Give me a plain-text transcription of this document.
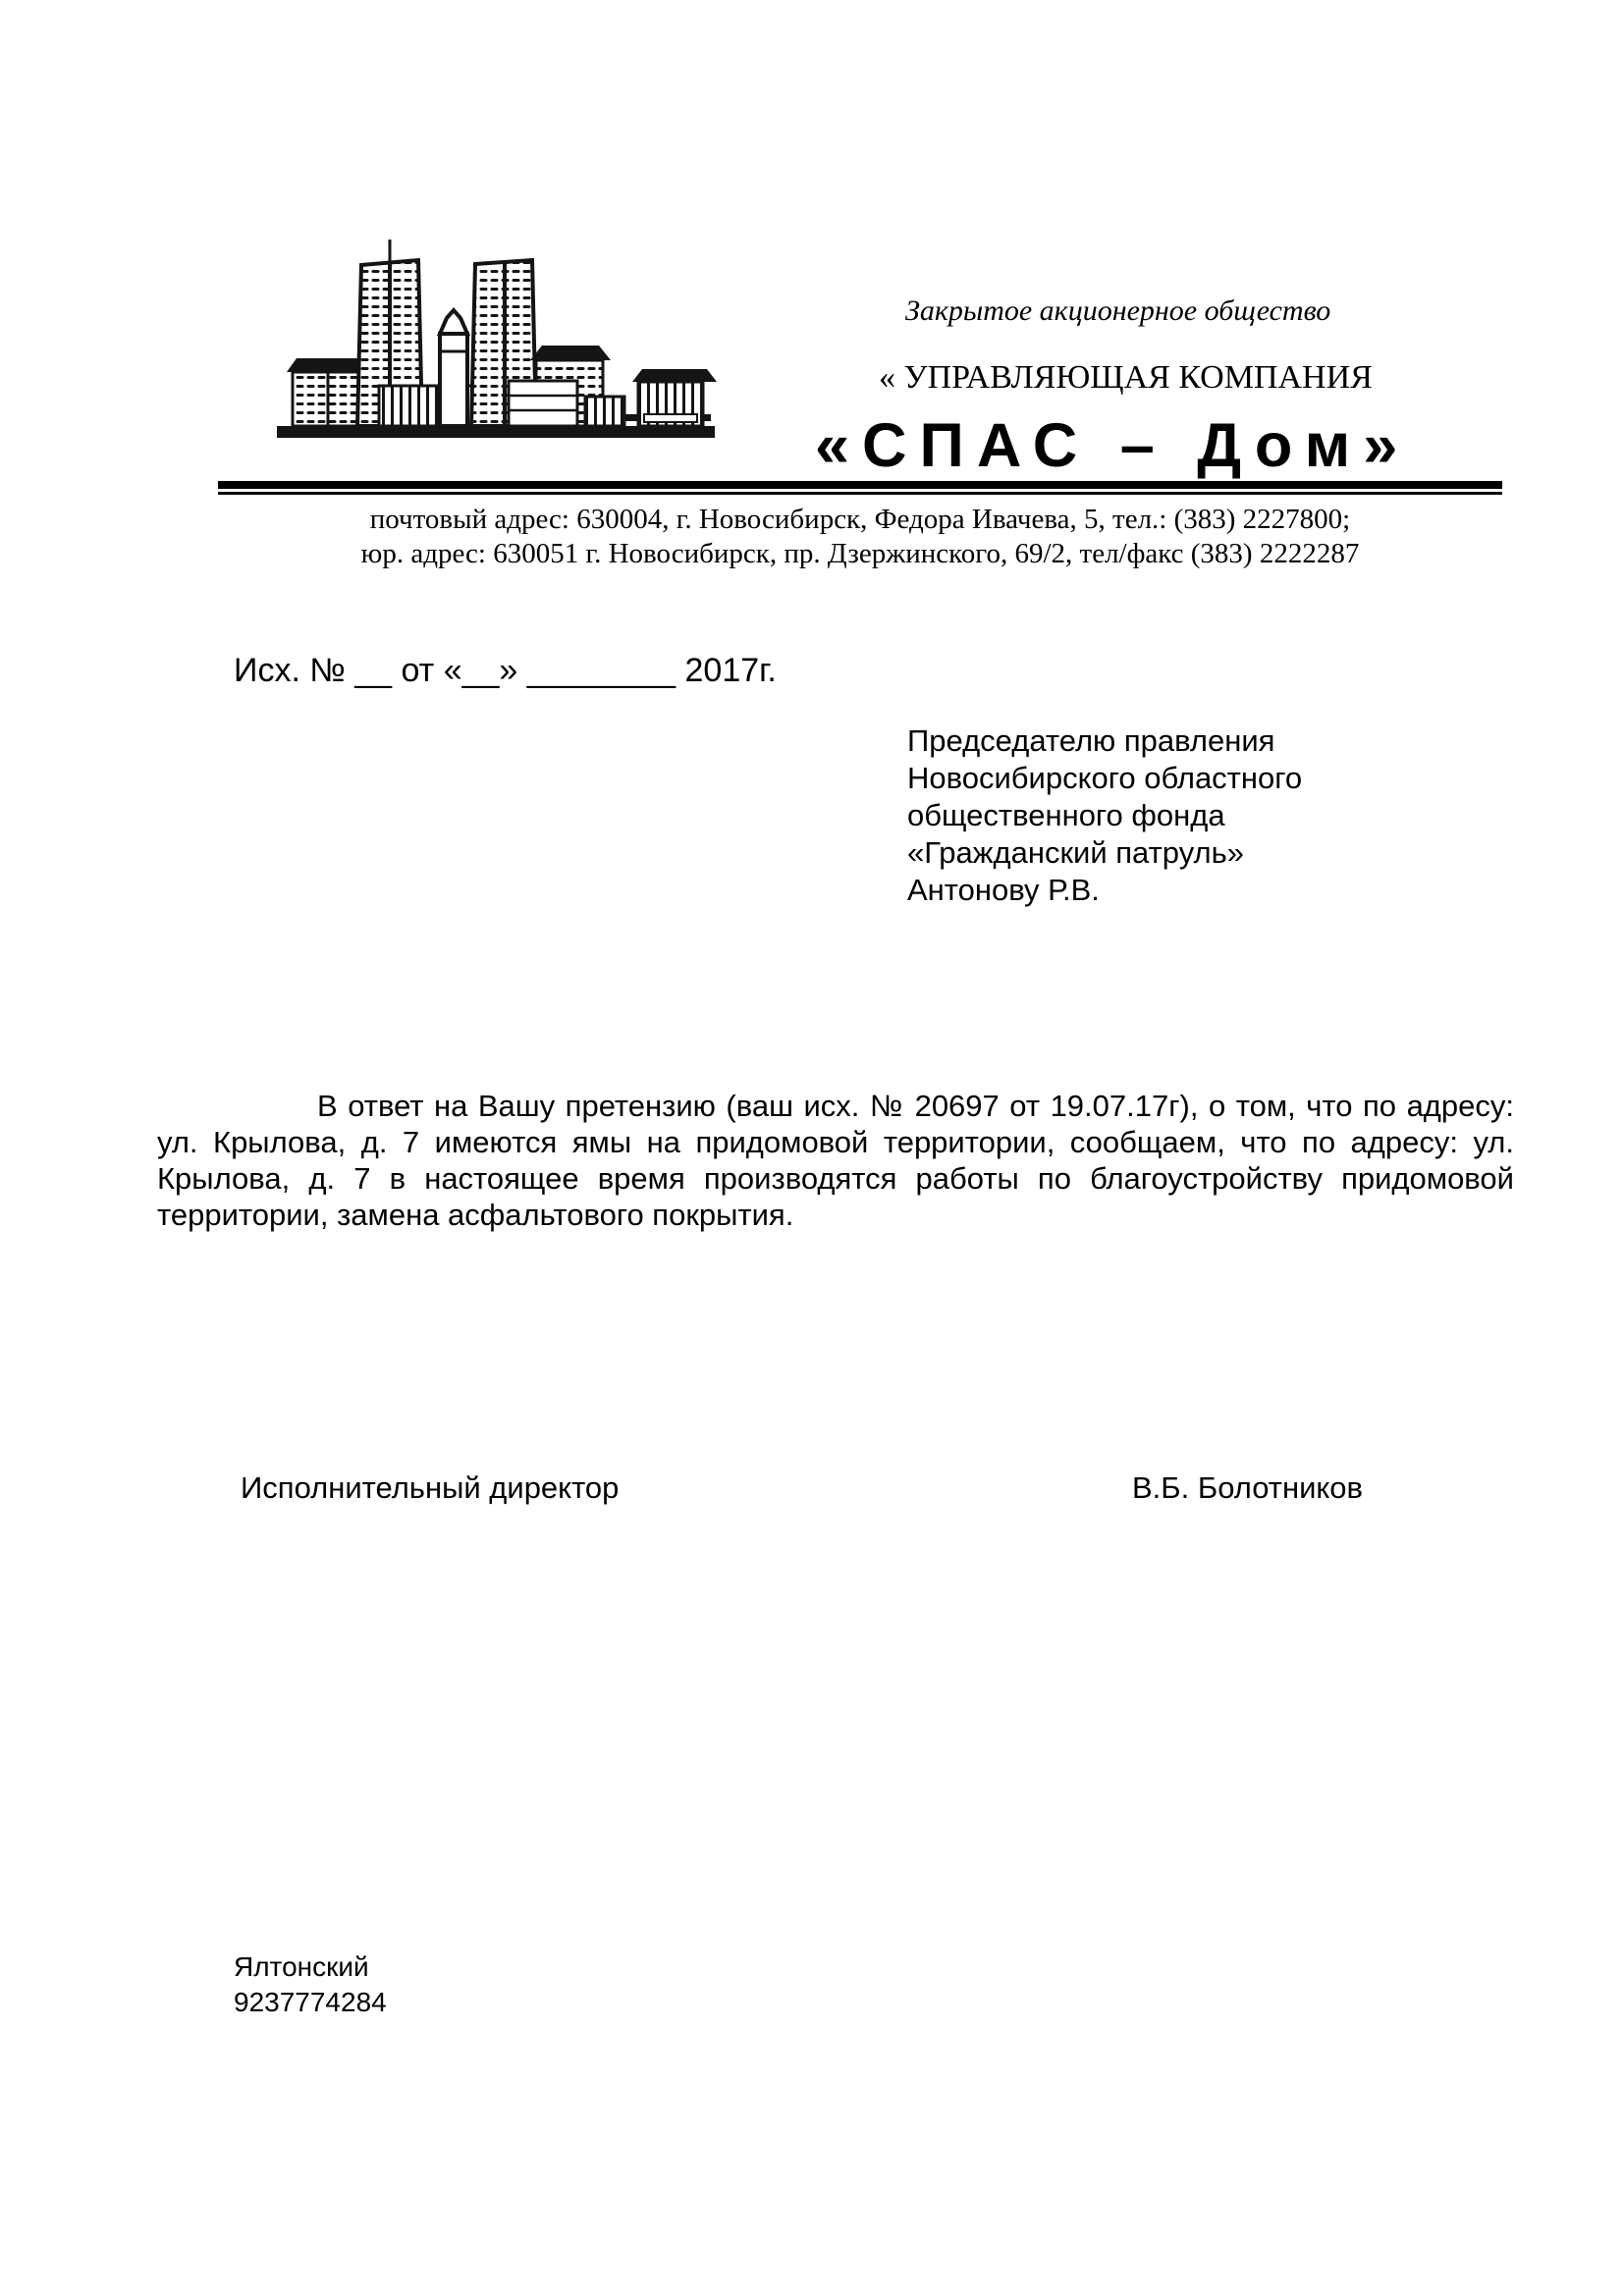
Закрытое акционерное общество
« УПРАВЛЯЮЩАЯ КОМПАНИЯ
«СПАС – Дом»
почтовый адрес: 630004, г. Новосибирск, Федора Ивачева, 5, тел.: (383) 2227800;
юр. адрес: 630051 г. Новосибирск, пр. Дзержинского, 69/2, тел/факс (383) 2222287
Исх. № __ от «__» ________ 2017г.
Председателю правления
Новосибирского областного
общественного фонда
«Гражданский патруль»
Антонову Р.В.
В ответ на Вашу претензию (ваш исх. № 20697 от 19.07.17г), о том, что по адресу: ул. Крылова, д. 7 имеются ямы на придомовой территории, сообщаем, что по адресу: ул. Крылова, д. 7 в настоящее время производятся работы по благоустройству придомовой территории, замена асфальтового покрытия.
Исполнительный директор	В.Б. Болотников
Ялтонский
9237774284
